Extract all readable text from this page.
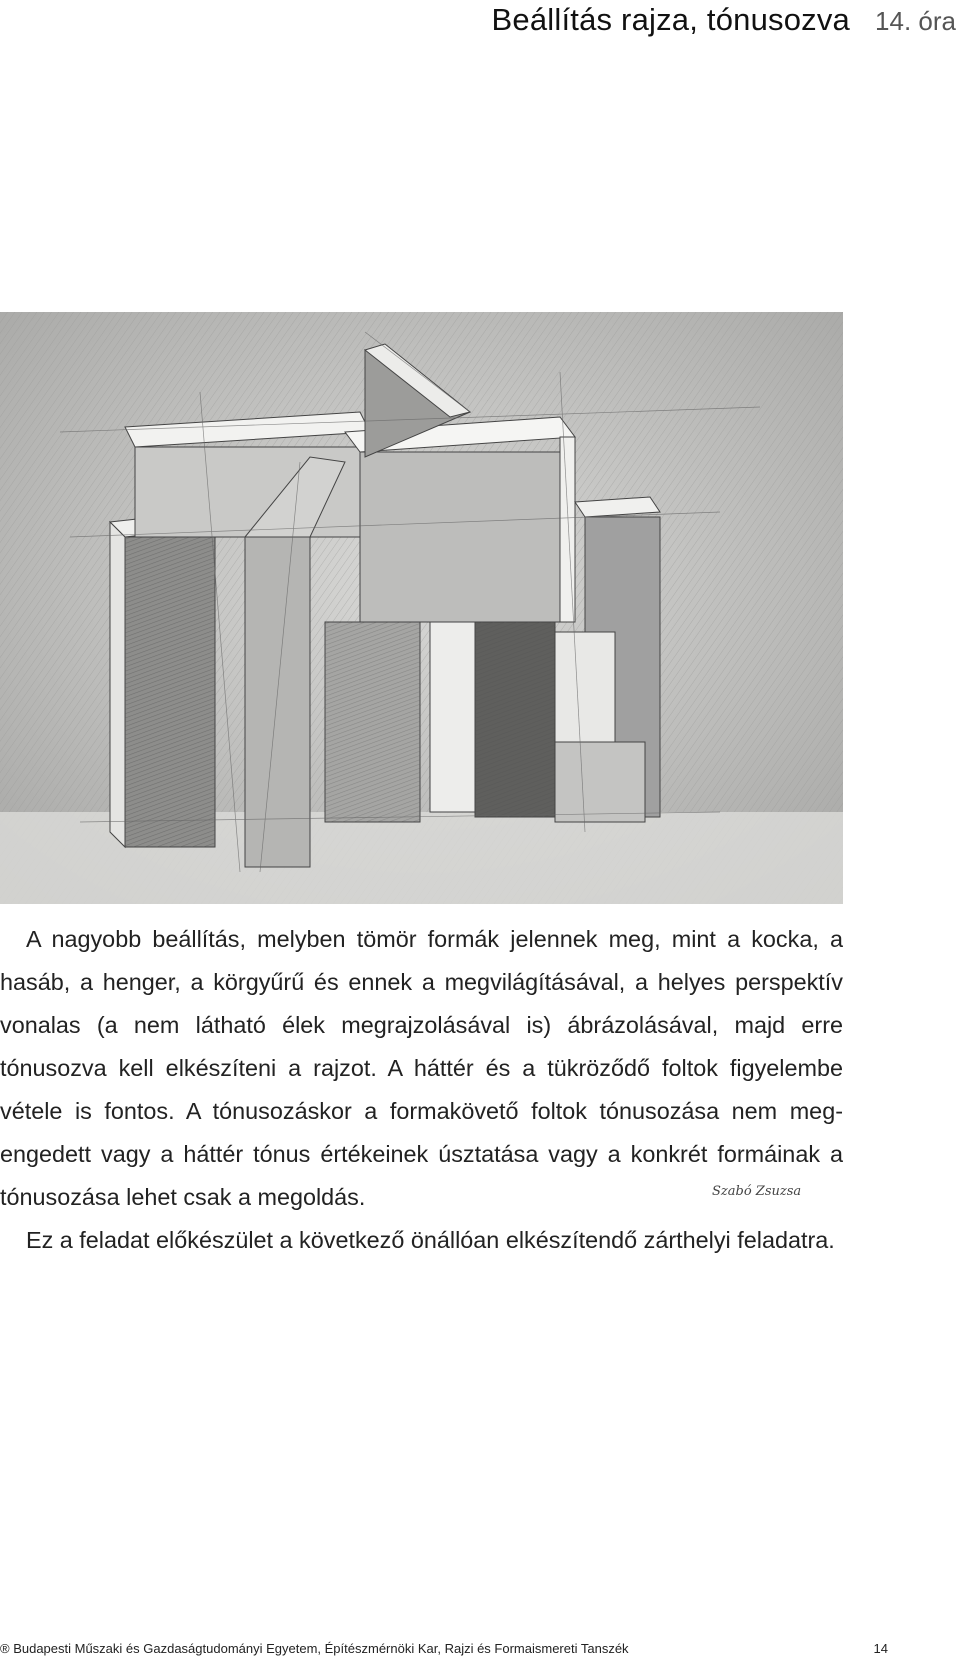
Beállítás rajza, tónusozva 14. óra
Szabó Zsuzsa

A nagyobb beállítás, melyben tömör formák jelennek meg, mint a kocka, a hasáb, a henger, a körgyűrű és ennek a megvilágításával, a helyes perspektív vonalas (a nem látható élek megrajzolásával is) ábrázolásával, majd erre tónusozva kell elkészíteni a rajzot. A háttér és a tükröződő foltok figyelembe vétele is fontos. A tónusozáskor a formakövető foltok tónusozása nem meg-engedett vagy a háttér tónus értékeinek úsztatása vagy a konkrét formáinak a tónusozása lehet csak a megoldás.

Ez a feladat előkészület a következő önállóan elkészítendő zárthelyi feladatra.

® Budapesti Műszaki és Gazdaságtudományi Egyetem, Építészmérnöki Kar, Rajzi és Formaismereti Tanszék	14
